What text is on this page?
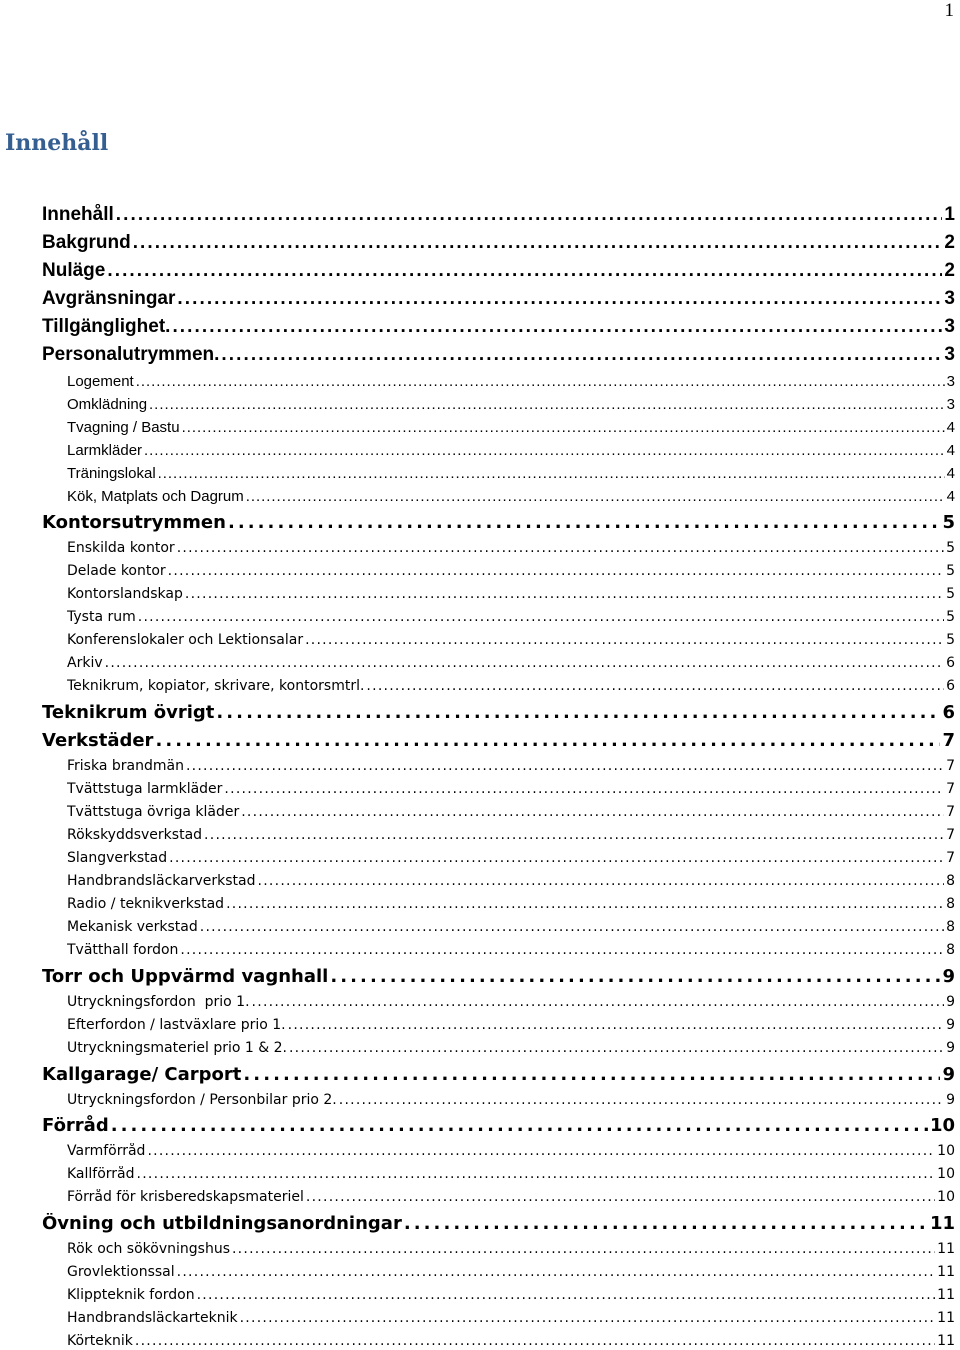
1
Innehåll
Innehåll . . .	1
Bakgrund . . .	2
Nuläge . . .	2
Avgränsningar . . .	3
Tillgänglighet. . . .	3
Personalutrymmen. . . .	3
Logement . . .	3
Omklädning . . .	3
Tvagning / Bastu . . .	4
Larmkläder . . .	4
Träningslokal . . .	4
Kök, Matplats och Dagrum . . .	4
Kontorsutrymmen . . .	5
Enskilda kontor . . .	5
Delade kontor . . .	5
Kontorslandskap . . .	5
Tysta rum . . .	5
Konferenslokaler och Lektionsalar . . .	5
Arkiv . . .	6
Teknikrum, kopiator, skrivare, kontorsmtrl. . . .	6
Teknikrum övrigt . . .	6
Verkstäder . . .	7
Friska brandmän . . .	7
Tvättstuga larmkläder . . .	7
Tvättstuga övriga kläder . . .	7
Rökskyddsverkstad . . .	7
Slangverkstad . . .	7
Handbrandsläckarverkstad . . .	8
Radio / teknikverkstad . . .	8
Mekanisk verkstad . . .	8
Tvätthall fordon . . .	8
Torr och Uppvärmd vagnhall . . .	9
Utryckningsfordon  prio 1. . . .	9
Efterfordon / lastväxlare prio 1. . . .	9
Utryckningsmateriel prio 1 & 2. . . .	9
Kallgarage/ Carport . . .	9
Utryckningsfordon / Personbilar prio 2. . . .	9
Förråd . . .	10
Varmförråd . . .	10
Kallförråd . . .	10
Förråd för krisberedskapsmateriel . . .	10
Övning och utbildningsanordningar . . .	11
Rök och sökövningshus . . .	11
Grovlektionssal . . .	11
Klippteknik fordon . . .	11
Handbrandsläckarteknik . . .	11
Körteknik . . .	11
